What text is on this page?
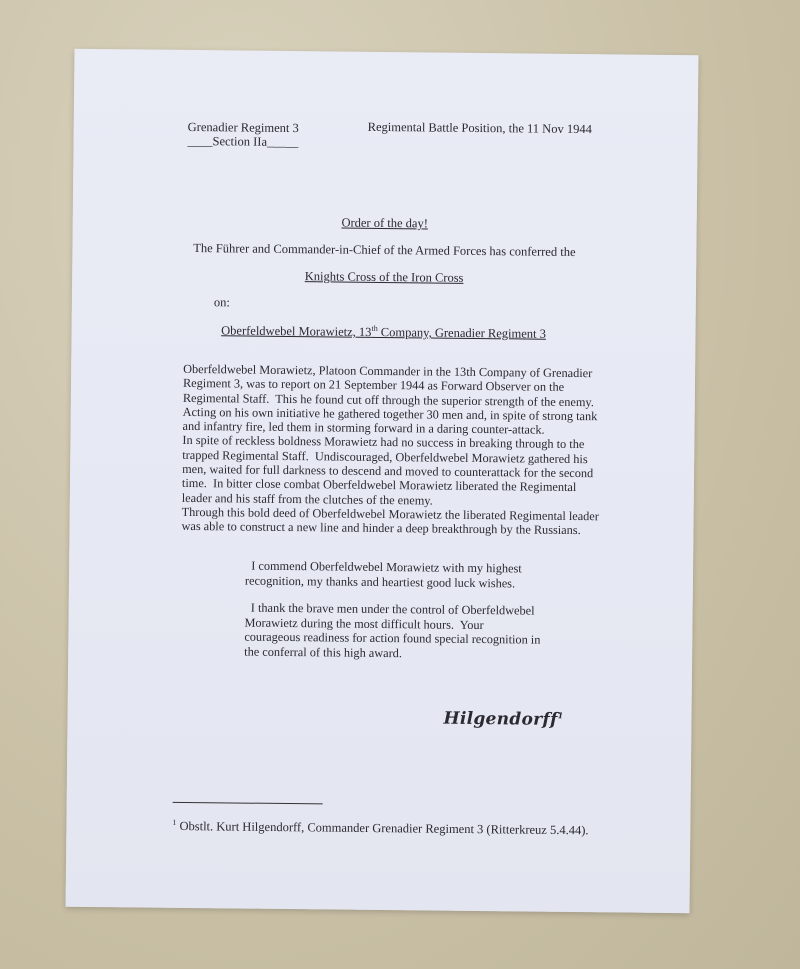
Grenadier Regiment 3
____Section IIa_____
Regimental Battle Position, the 11 Nov 1944
Order of the day!
The Führer and Commander-in-Chief of the Armed Forces has conferred the
Knights Cross of the Iron Cross
on:
Oberfeldwebel Morawietz, 13th Company, Grenadier Regiment 3
Oberfeldwebel Morawietz, Platoon Commander in the 13th Company of Grenadier
Regiment 3, was to report on 21 September 1944 as Forward Observer on the
Regimental Staff.  This he found cut off through the superior strength of the enemy.
Acting on his own initiative he gathered together 30 men and, in spite of strong tank
and infantry fire, led them in storming forward in a daring counter-attack.
In spite of reckless boldness Morawietz had no success in breaking through to the
trapped Regimental Staff.  Undiscouraged, Oberfeldwebel Morawietz gathered his
men, waited for full darkness to descend and moved to counterattack for the second
time.  In bitter close combat Oberfeldwebel Morawietz liberated the Regimental
leader and his staff from the clutches of the enemy.
Through this bold deed of Oberfeldwebel Morawietz the liberated Regimental leader
was able to construct a new line and hinder a deep breakthrough by the Russians.
I commend Oberfeldwebel Morawietz with my highest
recognition, my thanks and heartiest good luck wishes.
I thank the brave men under the control of Oberfeldwebel
Morawietz during the most difficult hours.  Your
courageous readiness for action found special recognition in
the conferral of this high award.
Hilgendorff$^1$
$^1$ Obstlt. Kurt Hilgendorff, Commander Grenadier Regiment 3 (Ritterkreuz 5.4.44).
